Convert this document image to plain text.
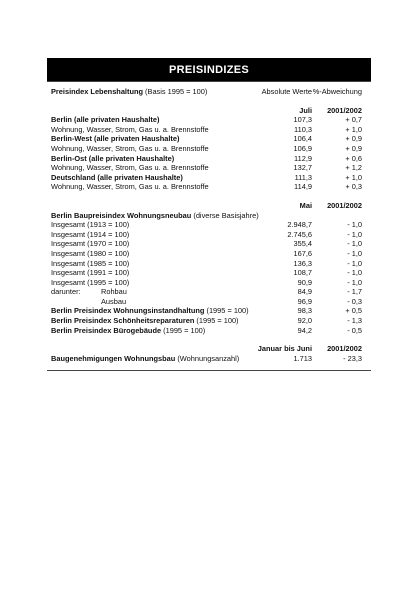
PREISINDIZES
Preisindex Lebenshaltung (Basis 1995 = 100)	Absolute Werte %-Abweichung
Juli 2001/2002
Berlin (alle privaten Haushalte)	107,3	+ 0,7
Wohnung, Wasser, Strom, Gas u. a. Brennstoffe	110,3	+ 1,0
Berlin-West (alle privaten Haushalte)	106,4	+ 0,9
Wohnung, Wasser, Strom, Gas u. a. Brennstoffe	106,9	+ 0,9
Berlin-Ost (alle privaten Haushalte)	112,9	+ 0,6
Wohnung, Wasser, Strom, Gas u. a. Brennstoffe	132,7	+ 1,2
Deutschland (alle privaten Haushalte)	111,3	+ 1,0
Wohnung, Wasser, Strom, Gas u. a. Brennstoffe	114,9	+ 0,3
Mai 2001/2002
Berlin Baupreisindex Wohnungsneubau (diverse Basisjahre)
Insgesamt (1913 = 100)	2.948,7	- 1,0
Insgesamt (1914 = 100)	2.745,6	- 1,0
Insgesamt (1970 = 100)	355,4	- 1,0
Insgesamt (1980 = 100)	167,6	- 1,0
Insgesamt (1985 = 100)	136,3	- 1,0
Insgesamt (1991 = 100)	108,7	- 1,0
Insgesamt (1995 = 100)	90,9	- 1,0
darunter:	Rohbau	84,9	- 1,7
Ausbau	96,9	- 0,3
Berlin Preisindex Wohnungsinstandhaltung (1995 = 100)	98,3	+ 0,5
Berlin Preisindex Schönheitsreparaturen (1995 = 100)	92,0	- 1,3
Berlin Preisindex Bürogebäude (1995 = 100)	94,2	- 0,5
Januar bis Juni 2001/2002
Baugenehmigungen Wohnungsbau (Wohnungsanzahl)	1.713	- 23,3
